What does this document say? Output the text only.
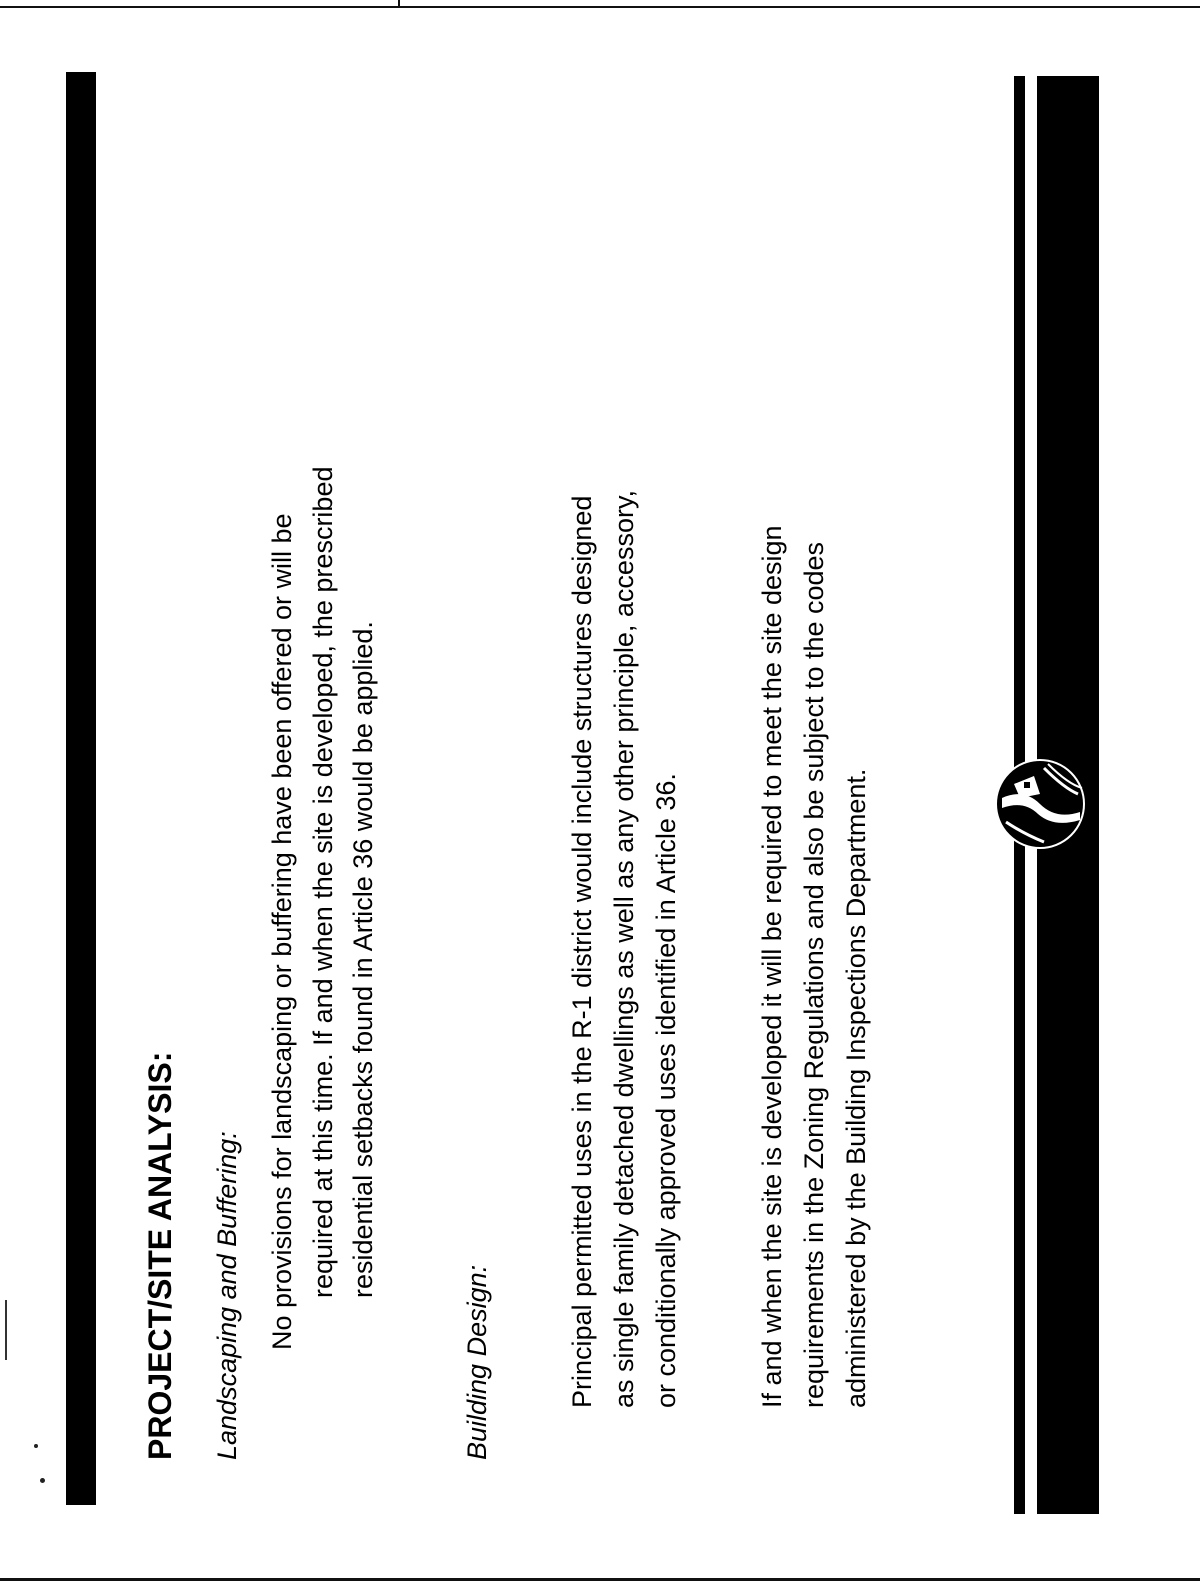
PROJECT/SITE ANALYSIS: Landscaping and Buffering: No provisions for landscaping or buffering have been offered or will be required at this time. If and when the site is developed, the prescribed residential setbacks found in Article 36 would be applied.

Building Design:	Principal permitted uses in the R-1 district would include structures designed as single family detached dwellings as well as any other principle, accessory, or conditionally approved uses identified in Article 36.	If and when the site is developed it will be required to meet the site design requirements in the Zoning Regulations and also be subject to the codes administered by the Building Inspections Department.
